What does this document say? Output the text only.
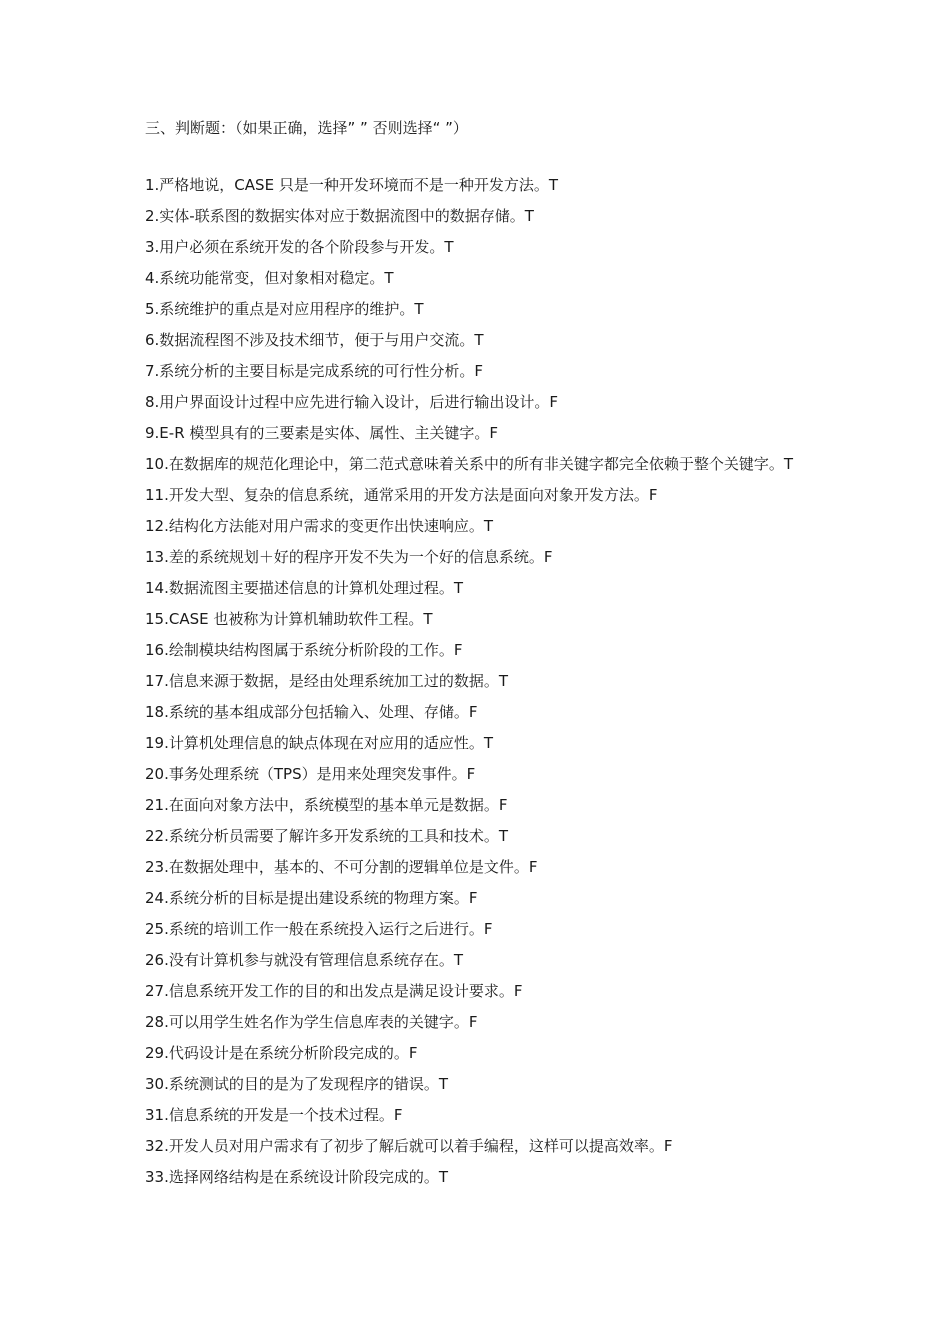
三、判断题：（如果正确，选择” ” 否则选择“ ”）
1.严格地说，CASE 只是一种开发环境而不是一种开发方法。T
2.实体-联系图的数据实体对应于数据流图中的数据存储。T
3.用户必须在系统开发的各个阶段参与开发。T
4.系统功能常变，但对象相对稳定。T
5.系统维护的重点是对应用程序的维护。T
6.数据流程图不涉及技术细节，便于与用户交流。T
7.系统分析的主要目标是完成系统的可行性分析。F
8.用户界面设计过程中应先进行输入设计，后进行输出设计。F
9.E-R 模型具有的三要素是实体、属性、主关键字。F
10.在数据库的规范化理论中，第二范式意味着关系中的所有非关键字都完全依赖于整个关键字。T
11.开发大型、复杂的信息系统，通常采用的开发方法是面向对象开发方法。F
12.结构化方法能对用户需求的变更作出快速响应。T
13.差的系统规划＋好的程序开发不失为一个好的信息系统。F
14.数据流图主要描述信息的计算机处理过程。T
15.CASE 也被称为计算机辅助软件工程。T
16.绘制模块结构图属于系统分析阶段的工作。F
17.信息来源于数据，是经由处理系统加工过的数据。T
18.系统的基本组成部分包括输入、处理、存储。F
19.计算机处理信息的缺点体现在对应用的适应性。T
20.事务处理系统（TPS）是用来处理突发事件。F
21.在面向对象方法中，系统模型的基本单元是数据。F
22.系统分析员需要了解许多开发系统的工具和技术。T
23.在数据处理中，基本的、不可分割的逻辑单位是文件。F
24.系统分析的目标是提出建设系统的物理方案。F
25.系统的培训工作一般在系统投入运行之后进行。F
26.没有计算机参与就没有管理信息系统存在。T
27.信息系统开发工作的目的和出发点是满足设计要求。F
28.可以用学生姓名作为学生信息库表的关键字。F
29.代码设计是在系统分析阶段完成的。F
30.系统测试的目的是为了发现程序的错误。T
31.信息系统的开发是一个技术过程。F
32.开发人员对用户需求有了初步了解后就可以着手编程，这样可以提高效率。F
33.选择网络结构是在系统设计阶段完成的。T
